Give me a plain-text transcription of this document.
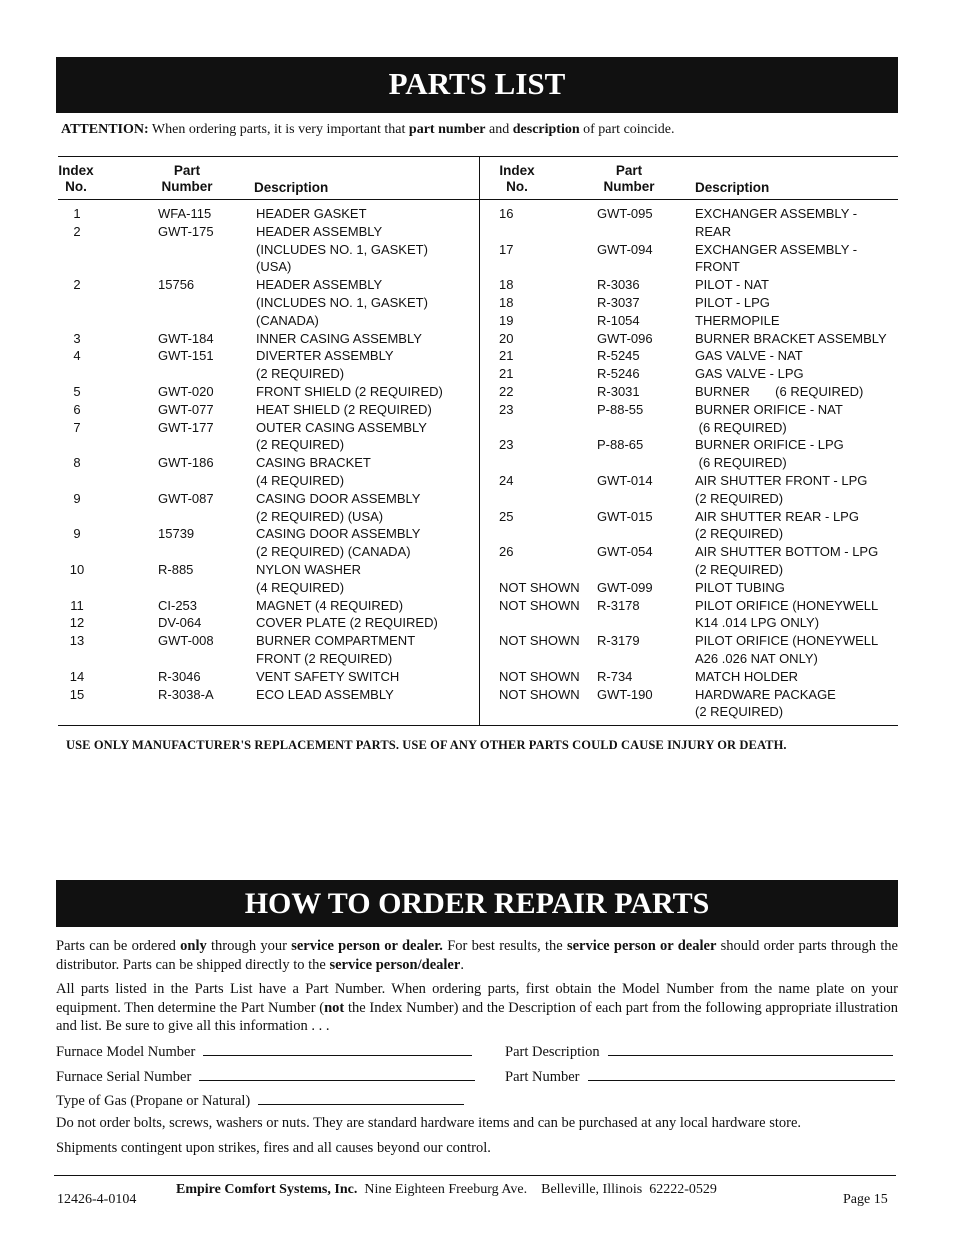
PARTS LIST
ATTENTION: When ordering parts, it is very important that part number and description of part coincide.
Index
No.
Part
Number	Description
Index
No.
Part
Number	Description
1	WFA-115	HEADER GASKET
2	GWT-175	HEADER ASSEMBLY
(INCLUDES NO. 1, GASKET)
(USA)
2	15756	HEADER ASSEMBLY
(INCLUDES NO. 1, GASKET)
(CANADA)
3	GWT-184	INNER CASING ASSEMBLY
4	GWT-151	DIVERTER ASSEMBLY
(2 REQUIRED)
5	GWT-020	FRONT SHIELD (2 REQUIRED)
6	GWT-077	HEAT SHIELD (2 REQUIRED)
7	GWT-177	OUTER CASING ASSEMBLY
(2 REQUIRED)
8	GWT-186	CASING BRACKET
(4 REQUIRED)
9	GWT-087	CASING DOOR ASSEMBLY
(2 REQUIRED) (USA)
9	15739	CASING DOOR ASSEMBLY
(2 REQUIRED) (CANADA)
10	R-885	NYLON WASHER
(4 REQUIRED)
11	CI-253	MAGNET (4 REQUIRED)
12	DV-064	COVER PLATE (2 REQUIRED)
13	GWT-008	BURNER COMPARTMENT
FRONT (2 REQUIRED)
14	R-3046	VENT SAFETY SWITCH
15	R-3038-A	ECO LEAD ASSEMBLY
16	GWT-095	EXCHANGER ASSEMBLY -
REAR
17	GWT-094	EXCHANGER ASSEMBLY -
FRONT
18	R-3036	PILOT - NAT
18	R-3037	PILOT - LPG
19	R-1054	THERMOPILE
20	GWT-096	BURNER BRACKET ASSEMBLY
21	R-5245	GAS VALVE - NAT
21	R-5246	GAS VALVE - LPG
22	R-3031	BURNER       (6 REQUIRED)
23	P-88-55	BURNER ORIFICE - NAT
(6 REQUIRED)
23	P-88-65	BURNER ORIFICE - LPG
(6 REQUIRED)
24	GWT-014	AIR SHUTTER FRONT - LPG
(2 REQUIRED)
25	GWT-015	AIR SHUTTER REAR - LPG
(2 REQUIRED)
26	GWT-054	AIR SHUTTER BOTTOM - LPG
(2 REQUIRED)
NOT SHOWN	GWT-099	PILOT TUBING
NOT SHOWN	R-3178	PILOT ORIFICE (HONEYWELL
K14 .014 LPG ONLY)
NOT SHOWN	R-3179	PILOT ORIFICE (HONEYWELL
A26 .026 NAT ONLY)
NOT SHOWN	R-734	MATCH HOLDER
NOT SHOWN	GWT-190	HARDWARE PACKAGE
(2 REQUIRED)
USE ONLY MANUFACTURER'S REPLACEMENT PARTS. USE OF ANY OTHER PARTS COULD CAUSE INJURY OR DEATH.
HOW TO ORDER REPAIR PARTS
Parts can be ordered only through your service person or dealer. For best results, the service person or dealer should order parts through the distributor. Parts can be shipped directly to the service person/dealer.
All parts listed in the Parts List have a Part Number. When ordering parts, first obtain the Model Number from the name plate on your equipment. Then determine the Part Number (not the Index Number) and the Description of each part from the following appropriate illustration and list. Be sure to give all this information . . .
Furnace Model Number	Part Description
Furnace Serial Number	Part Number
Type of Gas (Propane or Natural)
Do not order bolts, screws, washers or nuts. They are standard hardware items and can be purchased at any local hardware store.
Shipments contingent upon strikes, fires and all causes beyond our control.
12426-4-0104
Empire Comfort Systems, Inc. Nine Eighteen Freeburg Ave.    Belleville, Illinois  62222-0529
Page 15
